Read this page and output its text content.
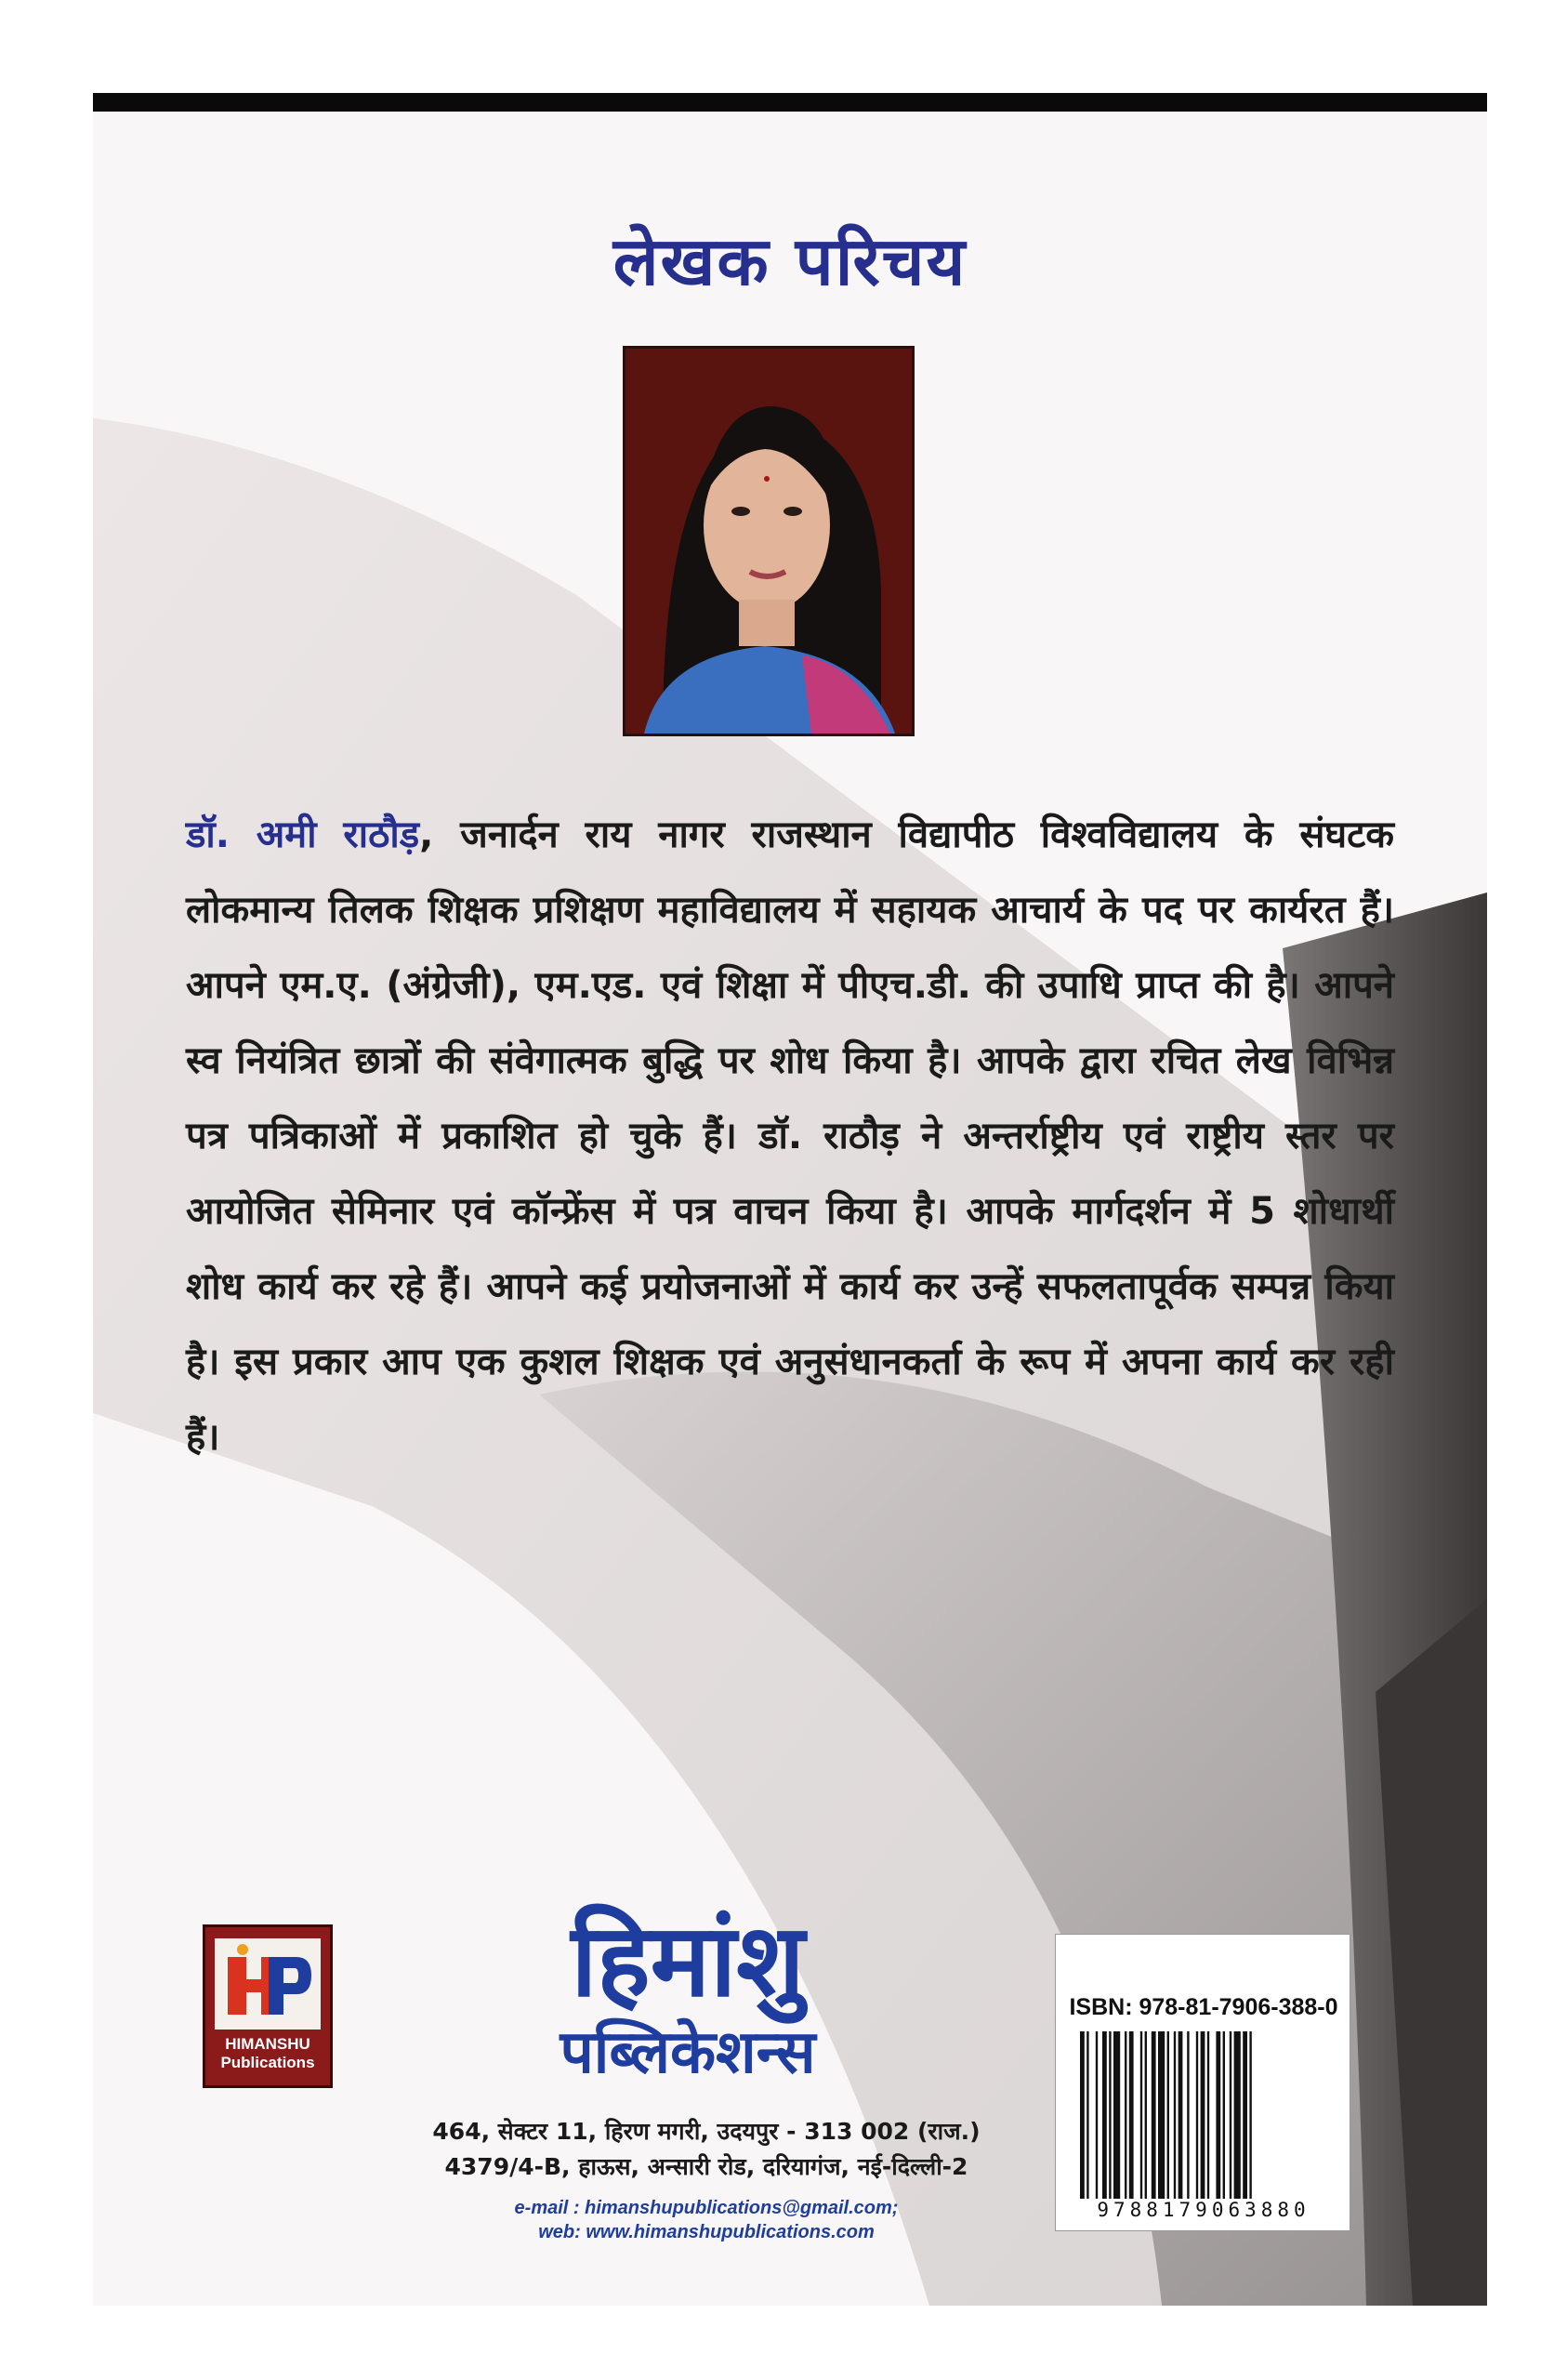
लेखक परिचय
डॉ. अमी राठौड़, जनार्दन राय नागर राजस्थान विद्यापीठ विश्वविद्यालय के संघटक लोकमान्य तिलक शिक्षक प्रशिक्षण महाविद्यालय में सहायक आचार्य के पद पर कार्यरत हैं। आपने एम.ए. (अंग्रेजी), एम.एड. एवं शिक्षा में पीएच.डी. की उपाधि प्राप्त की है। आपने स्व नियंत्रित छात्रों की संवेगात्मक बुद्धि पर शोध किया है। आपके द्वारा रचित लेख विभिन्न पत्र पत्रिकाओं में प्रकाशित हो चुके हैं। डॉ. राठौड़ ने अन्तर्राष्ट्रीय एवं राष्ट्रीय स्तर पर आयोजित सेमिनार एवं कॉन्फ्रेंस में पत्र वाचन किया है। आपके मार्गदर्शन में 5 शोधार्थी शोध कार्य कर रहे हैं। आपने कई प्रयोजनाओं में कार्य कर उन्हें सफलतापूर्वक सम्पन्न किया है। इस प्रकार आप एक कुशल शिक्षक एवं अनुसंधानकर्ता के रूप में अपना कार्य कर रही हैं।
HIMANSHU
Publications
हिमांशु
पब्लिकेशन्स
464, सेक्टर 11, हिरण मगरी, उदयपुर - 313 002 (राज.)
4379/4-B, हाऊस, अन्सारी रोड, दरियागंज, नई-दिल्ली-2
e-mail : himanshupublications@gmail.com;
web: www.himanshupublications.com
ISBN: 978-81-7906-388-0
9788179063880
